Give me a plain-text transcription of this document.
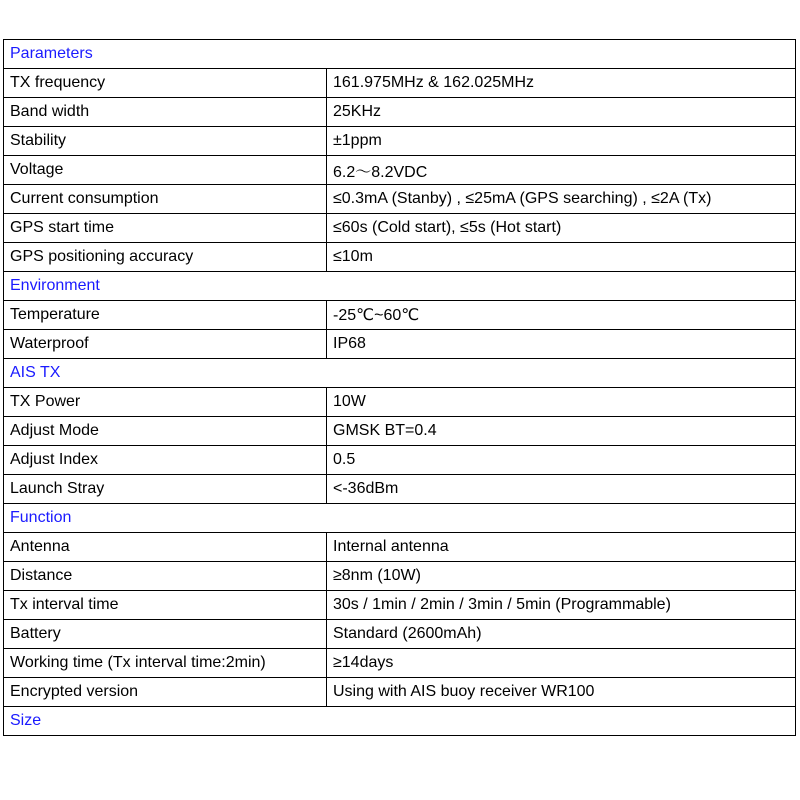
Parameters	
TX frequency	161.975MHz & 162.025MHz
Band width	25KHz
Stability	±1ppm
Voltage	6.2～8.2VDC
Current consumption	≤0.3mA (Stanby) , ≤25mA (GPS searching) , ≤2A (Tx)
GPS start time	≤60s (Cold start), ≤5s (Hot start)
GPS positioning accuracy	≤10m
Environment	
Temperature	-25℃~60℃
Waterproof	IP68
AIS TX	
TX Power	10W
Adjust Mode	GMSK BT=0.4
Adjust Index	0.5
Launch Stray	<-36dBm
Function	
Antenna	Internal antenna
Distance	≥8nm (10W)
Tx interval time	30s / 1min / 2min / 3min / 5min (Programmable)
Battery	Standard (2600mAh)
Working time (Tx interval time:2min)	≥14days
Encrypted version	Using with AIS buoy receiver WR100
Size	
